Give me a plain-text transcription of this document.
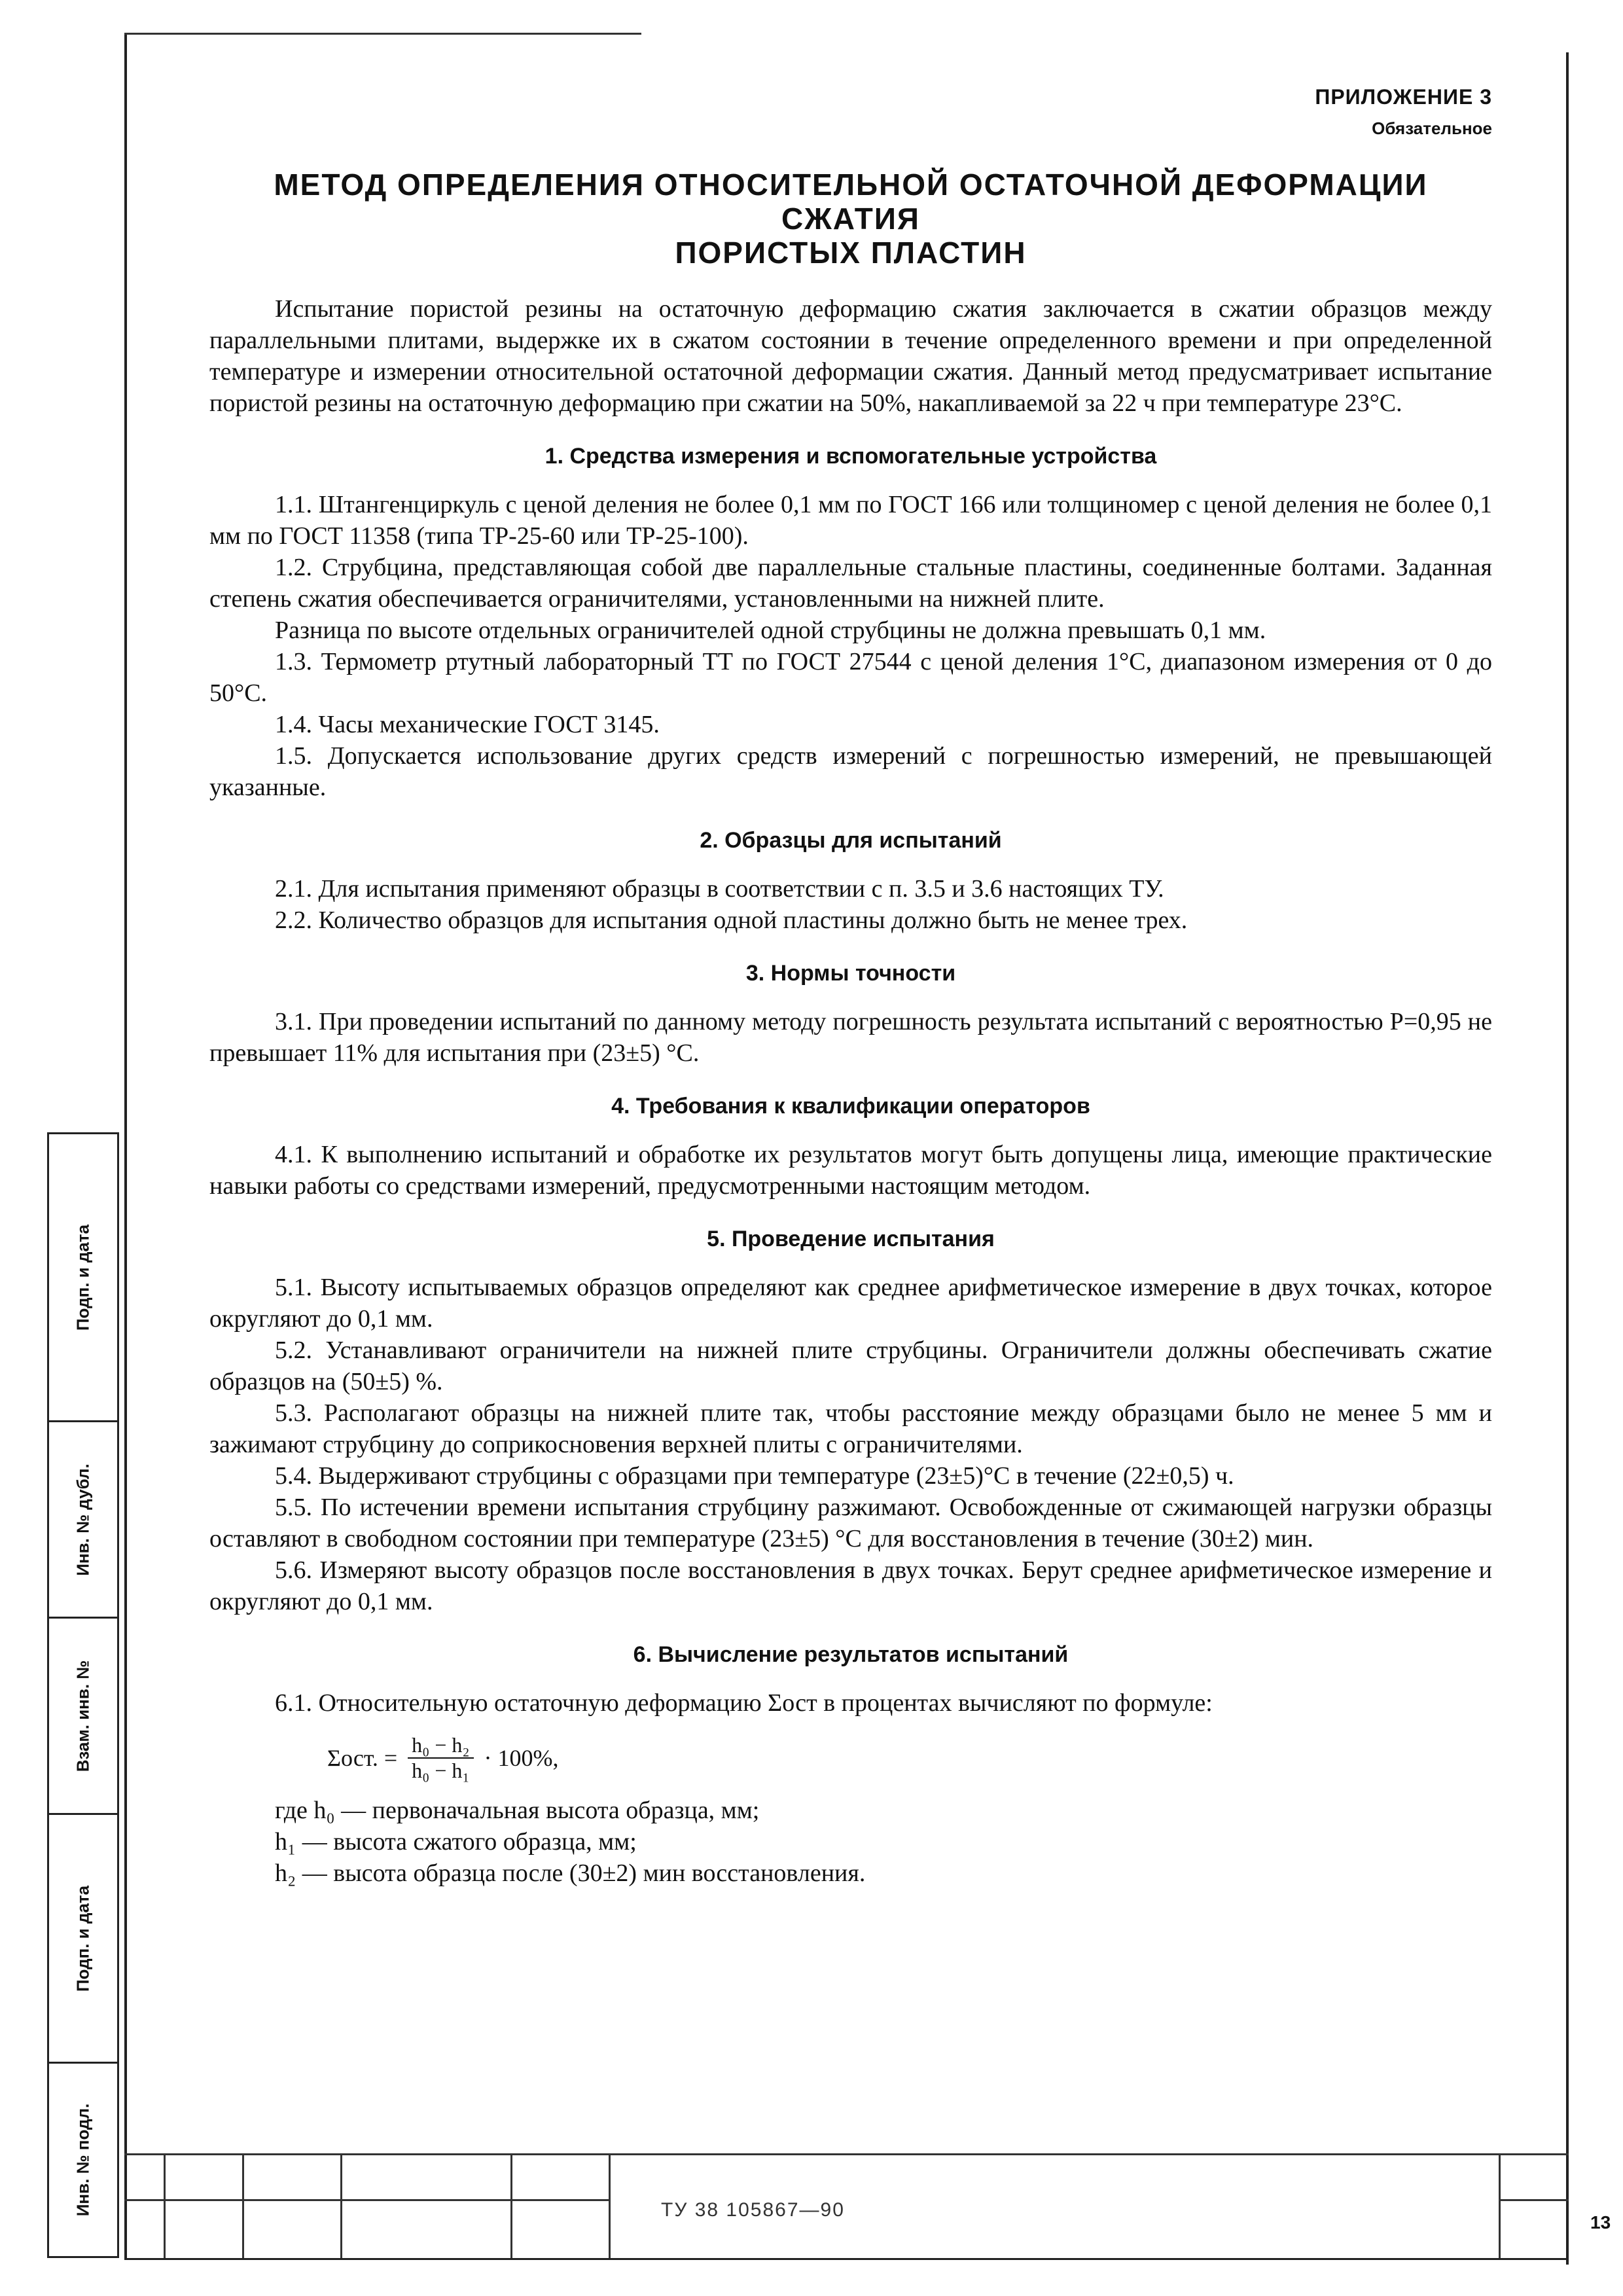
ПРИЛОЖЕНИЕ 3
Обязательное
МЕТОД ОПРЕДЕЛЕНИЯ ОТНОСИТЕЛЬНОЙ ОСТАТОЧНОЙ ДЕФОРМАЦИИ СЖАТИЯ
ПОРИСТЫХ ПЛАСТИН

Испытание пористой резины на остаточную деформацию сжатия заключается в сжатии образцов между параллельными плитами, выдержке их в сжатом состоянии в течение определенного времени и при определенной температуре и измерении относительной остаточной деформации сжатия. Данный метод предусматривает испытание пористой резины на остаточную деформацию при сжатии на 50%, накапливаемой за 22 ч при температуре 23°С.

1. Средства измерения и вспомогательные устройства

1.1. Штангенциркуль с ценой деления не более 0,1 мм по ГОСТ 166 или толщиномер с ценой деления не более 0,1 мм по ГОСТ 11358 (типа ТР-25-60 или ТР-25-100).

1.2. Струбцина, представляющая собой две параллельные стальные пластины, соединенные болтами. Заданная степень сжатия обеспечивается ограничителями, установленными на нижней плите.

Разница по высоте отдельных ограничителей одной струбцины не должна превышать 0,1 мм.

1.3. Термометр ртутный лабораторный ТТ по ГОСТ 27544 с ценой деления 1°С, диапазоном измерения от 0 до 50°С.

1.4. Часы механические ГОСТ 3145.

1.5. Допускается использование других средств измерений с погрешностью измерений, не превышающей указанные.

2. Образцы для испытаний

2.1. Для испытания применяют образцы в соответствии с п. 3.5 и 3.6 настоящих ТУ.

2.2. Количество образцов для испытания одной пластины должно быть не менее трех.

3. Нормы точности

3.1. При проведении испытаний по данному методу погрешность результата испытаний с вероятностью Р=0,95 не превышает 11% для испытания при (23±5) °С.

4. Требования к квалификации операторов

4.1. К выполнению испытаний и обработке их результатов могут быть допущены лица, имеющие практические навыки работы со средствами измерений, предусмотренными настоящим методом.

5. Проведение испытания

5.1. Высоту испытываемых образцов определяют как среднее арифметическое измерение в двух точках, которое округляют до 0,1 мм.

5.2. Устанавливают ограничители на нижней плите струбцины. Ограничители должны обеспечивать сжатие образцов на (50±5) %.

5.3. Располагают образцы на нижней плите так, чтобы расстояние между образцами было не менее 5 мм и зажимают струбцину до соприкосновения верхней плиты с ограничителями.

5.4. Выдерживают струбцины с образцами при температуре (23±5)°С в течение (22±0,5) ч.

5.5. По истечении времени испытания струбцину разжимают. Освобожденные от сжимающей нагрузки образцы оставляют в свободном состоянии при температуре (23±5) °С для восстановления в течение (30±2) мин.

5.6. Измеряют высоту образцов после восстановления в двух точках. Берут среднее арифметическое измерение и округляют до 0,1 мм.

6. Вычисление результатов испытаний

6.1. Относительную остаточную деформацию Σост в процентах вычисляют по формуле:

Σост. = $\frac{\text{h₀ − h₂}}{\text{h₀ − h₁}} \cdot 100\%$,

где h₀ — первоначальная высота образца, мм;

h₁ — высота сжатого образца, мм;

h₂ — высота образца после (30±2) мин восстановления.

Подп. и дата
Инв. № дубл.
Взам. инв. №
Подп. и дата
Инв. № подл.	ТУ 38 105867—90
13
